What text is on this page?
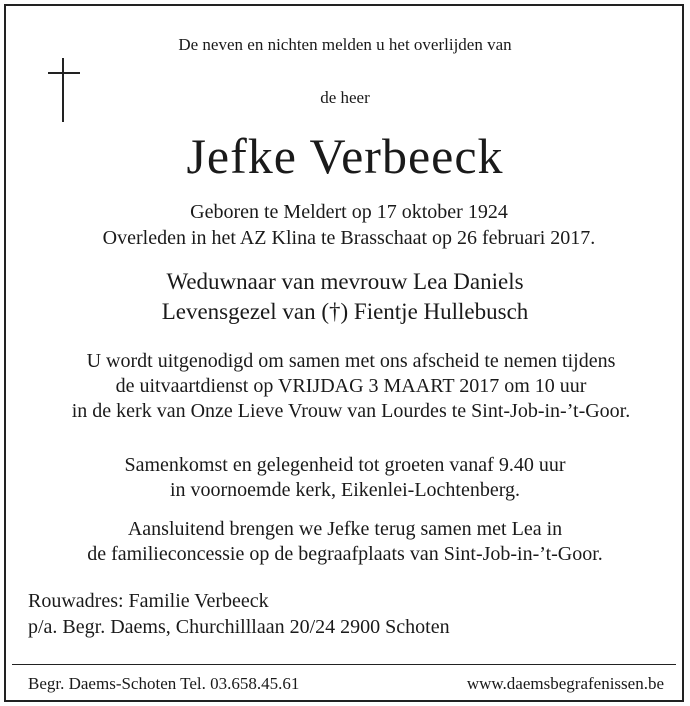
De neven en nichten melden u het overlijden van
de heer
Jefke Verbeeck
Geboren te Meldert op 17 oktober 1924
Overleden in het AZ Klina te Brasschaat op 26 februari 2017.
Weduwnaar van mevrouw Lea Daniels
Levensgezel van (†) Fientje Hullebusch
U wordt uitgenodigd om samen met ons afscheid te nemen tijdens
de uitvaartdienst op VRIJDAG 3 MAART 2017 om 10 uur
in de kerk van Onze Lieve Vrouw van Lourdes te Sint-Job-in-’t-Goor.
Samenkomst en gelegenheid tot groeten vanaf 9.40 uur
in voornoemde kerk, Eikenlei-Lochtenberg.
Aansluitend brengen we Jefke terug samen met Lea in
de familieconcessie op de begraafplaats van Sint-Job-in-’t-Goor.
Rouwadres: Familie Verbeeck
p/a. Begr. Daems, Churchilllaan 20/24 2900 Schoten
Begr. Daems-Schoten Tel. 03.658.45.61	www.daemsbegrafenissen.be
